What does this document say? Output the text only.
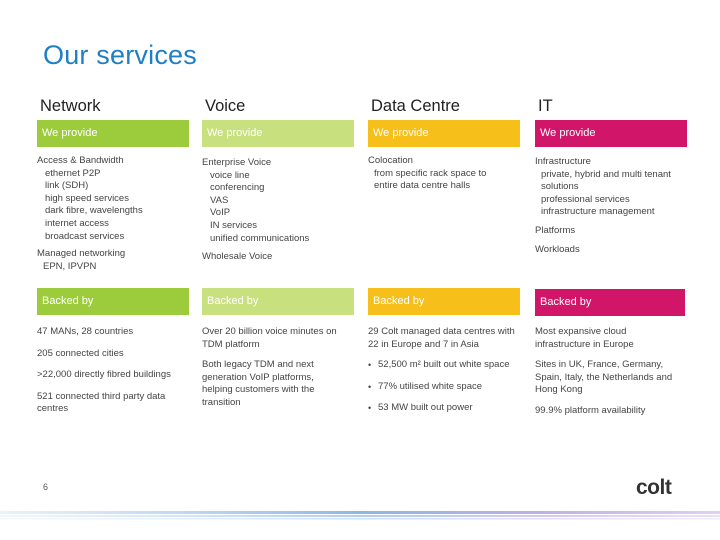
Our services
Network
We provide
Access & Bandwidth
ethernet P2P
link (SDH)
high speed services
dark fibre, wavelengths
internet access
broadcast services
Managed networking
EPN, IPVPN
Backed by
47 MANs, 28 countries
205 connected cities
>22,000 directly fibred buildings
521 connected third party data centres
Voice
We provide
Enterprise Voice
voice line
conferencing
VAS
VoIP
IN services
unified communications
Wholesale Voice
Backed by
Over 20 billion voice minutes on TDM platform
Both legacy TDM and next generation VoIP platforms, helping customers with the transition
Data Centre
We provide
Colocation
from specific rack space to entire data centre halls
Backed by
29 Colt managed data centres with 22 in Europe and 7 in Asia
• 52,500 m² built out white space
• 77% utilised white space
• 53 MW built out power
IT
We provide
Infrastructure
private, hybrid and multi tenant solutions
professional services
infrastructure management
Platforms
Workloads
Backed by
Most expansive cloud infrastructure in Europe
Sites in UK, France, Germany, Spain, Italy, the Netherlands and Hong Kong
99.9% platform availability
6	colt
